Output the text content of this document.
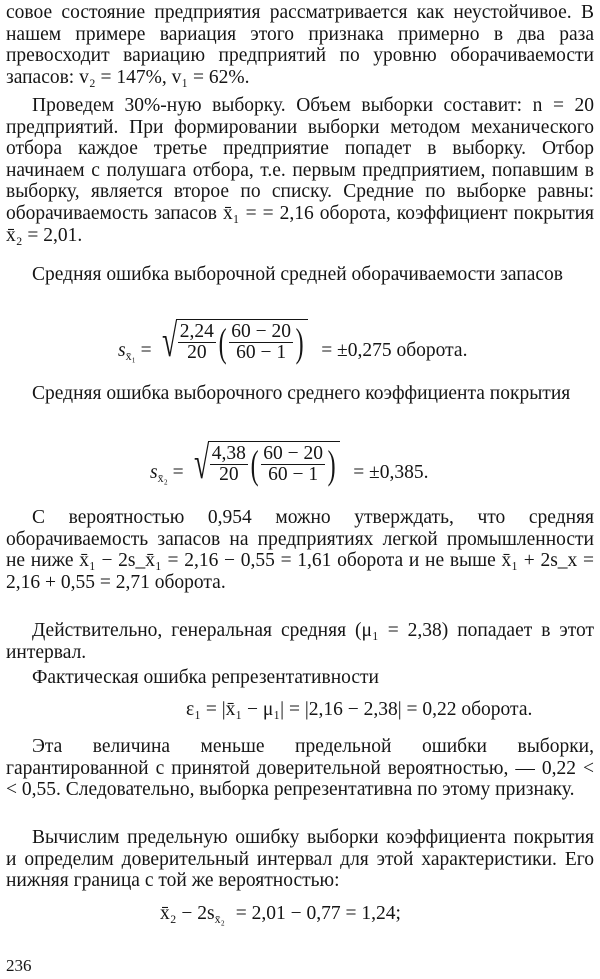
совое состояние предприятия рассматривается как неустойчивое. В нашем примере вариация этого признака примерно в два раза превосходит вариацию предприятий по уровню оборачиваемости запасов: v₂ = 147%, v₁ = 62%.

Проведем 30%-ную выборку. Объем выборки составит: n = 20 предприятий. При формировании выборки методом механического отбора каждое третье предприятие попадет в выборку. Отбор начинаем с полушага отбора, т.е. первым предприятием, попавшим в выборку, является второе по списку. Средние по выборке равны: оборачиваемость запасов x̄₁ = = 2,16 оборота, коэффициент покрытия x̄₂ = 2,01.

Средняя ошибка выборочной средней оборачиваемости запасов

$s_{x̄_1}$ = √ $\frac{2,24}{20}$ ( $\frac{60 - 20}{60 - 1}$ ) = ±0,275 оборота.

Средняя ошибка выборочного среднего коэффициента покрытия

$s_{x̄_2}$ = √ $\frac{4,38}{20}$ ( $\frac{60 - 20}{60 - 1}$ ) = ±0,385.

С вероятностью 0,954 можно утверждать, что средняя оборачиваемость запасов на предприятиях легкой промышленности не ниже x̄₁ − 2s_x̄₁ = 2,16 − 0,55 = 1,61 оборота и не выше x̄₁ + 2s_x = 2,16 + 0,55 = 2,71 оборота.

Действительно, генеральная средняя (μ₁ = 2,38) попадает в этот интервал.

Фактическая ошибка репрезентативности

ε₁ = |x̄₁ − μ₁| = |2,16 − 2,38| = 0,22 оборота.

Эта величина меньше предельной ошибки выборки, гарантированной с принятой доверительной вероятностью, — 0,22 < < 0,55. Следовательно, выборка репрезентативна по этому признаку.

Вычислим предельную ошибку выборки коэффициента покрытия и определим доверительный интервал для этой характеристики. Его нижняя граница с той же вероятностью:

x̄₂ − $2s_{x̄_2} = 2,01 - 0,77 = 1,24$;
236
